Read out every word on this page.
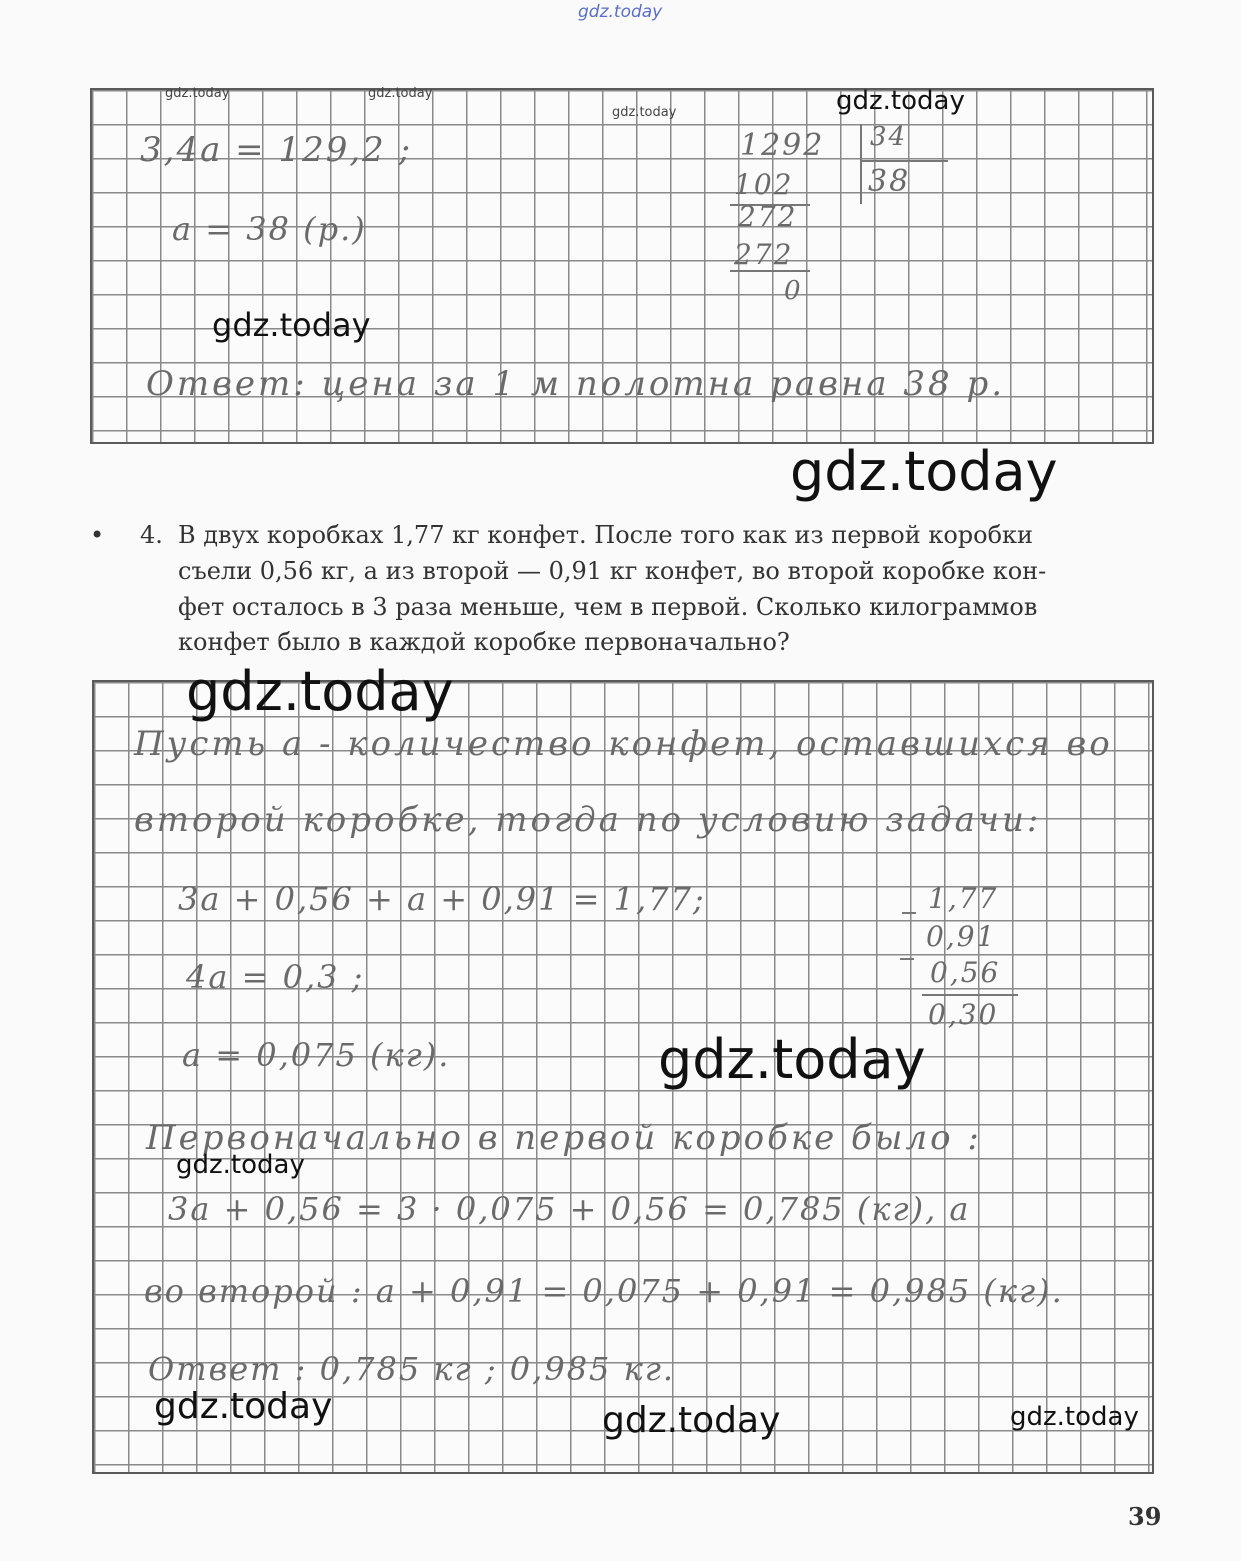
gdz.today
gdz.today	gdz.today
gdz.today	gdz.today
3,4a = 129,2 ;
a = 38 (р.)
1292 34
38
102
272
272
0
gdz.today
Ответ: цена за 1 м полотна равна 38 р.
gdz.today
• 4. В двух коробках 1,77 кг конфет. После того как из первой коробки
съели 0,56 кг, а из второй — 0,91 кг конфет, во второй коробке кон-
фет осталось в 3 раза меньше, чем в первой. Сколько килограммов
конфет было в каждой коробке первоначально?
gdz.today
Пусть a - количество конфет, оставшихся во
второй коробке, тогда по условию задачи:
3a + 0,56 + a + 0,91 = 1,77;
4a = 0,3 ;
a = 0,075 (кг).
1,77
0,91
0,56
0,30
gdz.today
Первоначально в первой коробке было :
gdz.today
3a + 0,56 = 3 · 0,075 + 0,56 = 0,785 (кг), а
во второй : a + 0,91 = 0,075 + 0,91 = 0,985 (кг).
Ответ : 0,785 кг ; 0,985 кг.
gdz.today	gdz.today	gdz.today
39
